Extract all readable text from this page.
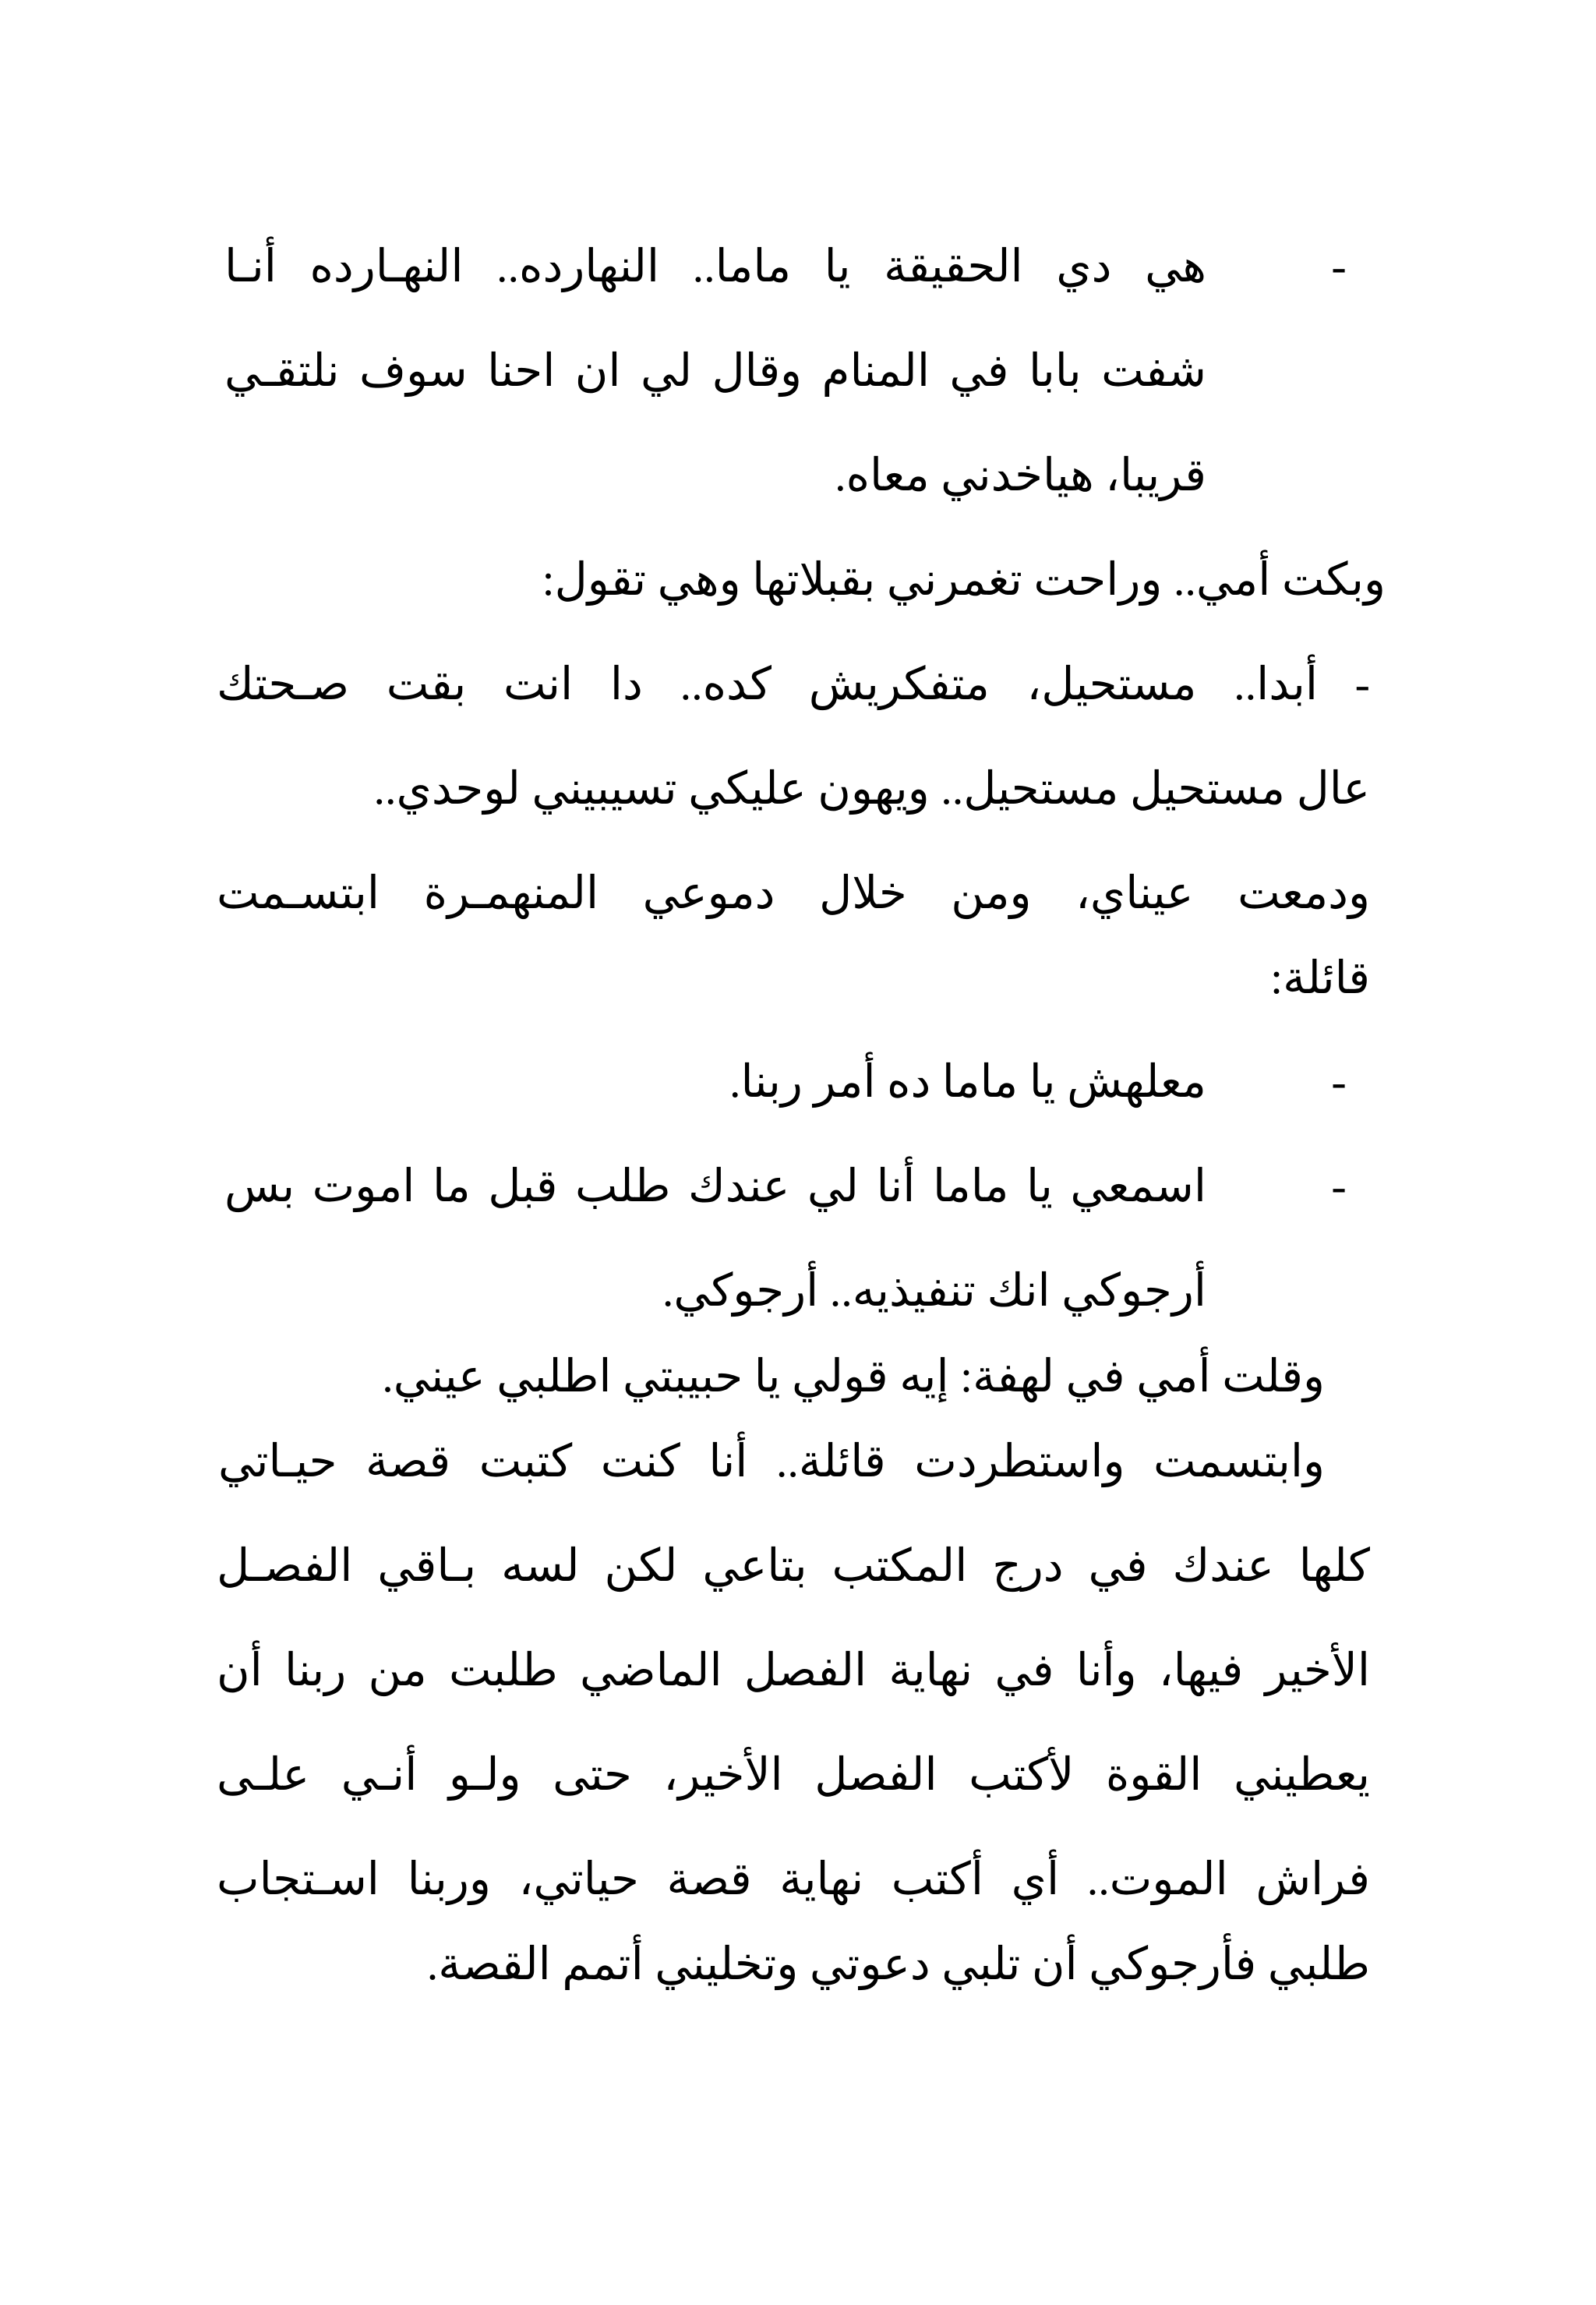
-
هي دي الحقيقة يا ماما.. النهارده.. النهـارده أنـا
شفت بابا في المنام وقال لي ان احنا سوف نلتقـي
قريبا، هياخدني معاه.
وبكت أمي.. وراحت تغمرني بقبلاتها وهي تقول:
- أبدا.. مستحيل، متفكريش كده.. دا انت بقت صـحتك
عال مستحيل مستحيل.. ويهون عليكي تسيبيني لوحدي..
ودمعت عيناي، ومن خلال دموعي المنهمـرة ابتسـمت
قائلة:
-
معلهش يا ماما ده أمر ربنا.
-
اسمعي يا ماما أنا لي عندك طلب قبل ما اموت بس
أرجوكي انك تنفيذيه.. أرجوكي.
وقلت أمي في لهفة: إيه قولي يا حبيبتي اطلبي عيني.
وابتسمت واستطردت قائلة.. أنا كنت كتبت قصة حيـاتي
كلها عندك في درج المكتب بتاعي لكن لسه بـاقي الفصـل
الأخير فيها، وأنا في نهاية الفصل الماضي طلبت من ربنا أن
يعطيني القوة لأكتب الفصل الأخير، حتى ولـو أنـي علـى
فراش الموت.. أي أكتب نهاية قصة حياتي، وربنا اسـتجاب
طلبي فأرجوكي أن تلبي دعوتي وتخليني أتمم القصة.
